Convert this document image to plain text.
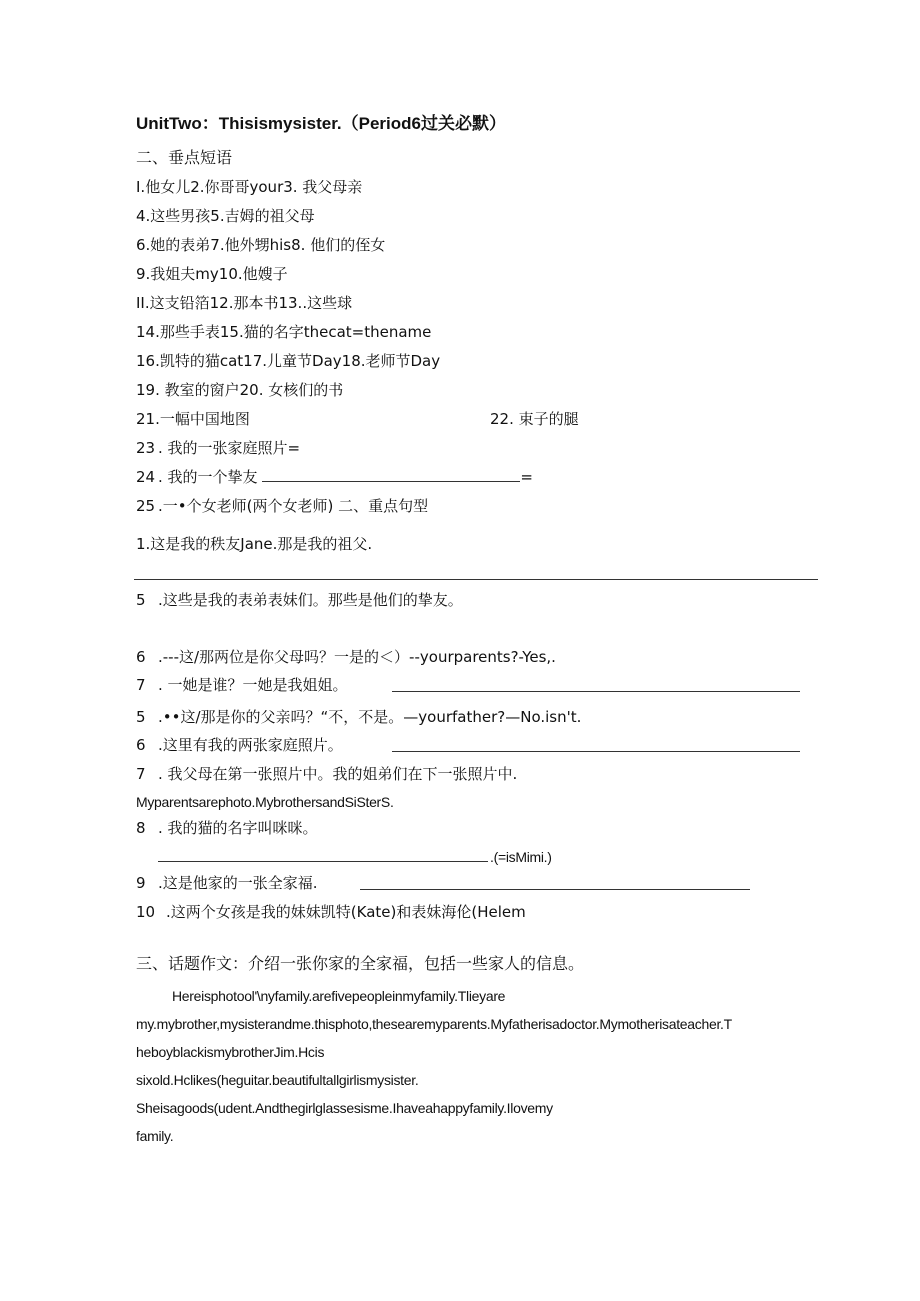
UnitTwo：Thisismysister.（Period6过关必默）
二、垂点短语
I.他女儿2.你哥哥your3. 我父母亲
4.这些男孩5.吉姆的祖父母
6.她的表弟7.他外甥his8. 他们的侄女
9.我姐夫my10.他嫂子
II.这支铅箔12.那本书13..这些球
14.那些手表15.猫的名字thecat=thename
16.凯特的猫cat17.儿童节Day18.老师节Day
19. 教室的窗户20. 女核们的书
21.一幅中国地图	22. 束子的腿
23 . 我的一张家庭照片=
24 . 我的一个挚友	=
25 .一•个女老师(两个女老师) 二、重点句型
1.这是我的秩友Jane.那是我的祖父.
5 .这些是我的表弟表妹们。那些是他们的挚友。
6 .---这/那两位是你父母吗？一是的＜）--yourparents?-Yes,.
7 . 一她是谁？一她是我姐姐。
5 .••这/那是你的父亲吗？“不，不是。—yourfather?—No.isn't.
6 .这里有我的两张家庭照片。
7 . 我父母在第一张照片中。我的姐弟们在下一张照片中.
Myparentsarephoto.MybrothersandSiSterS.
8 . 我的猫的名字叫咪咪。
.(=isMimi.)
9 .这是他家的一张全家福.
10 .这两个女孩是我的妹妹凯特(Kate)和表妹海伦(Helem
三、话题作文：介绍一张你家的全家福，包括一些家人的信息。
Hereisphotool'\nyfamily.arefivepeopleinmyfamily.Tlieyare
my.mybrother,mysisterandme.thisphoto,thesearemyparents.Myfatherisadoctor.Mymotherisateacher.T
heboyblackismybrotherJim.Hcis
sixold.Hclikes(heguitar.beautifultallgirlismysister.
Sheisagoods(udent.Andthegirlglassesisme.Ihaveahappyfamily.Ilovemy
family.
